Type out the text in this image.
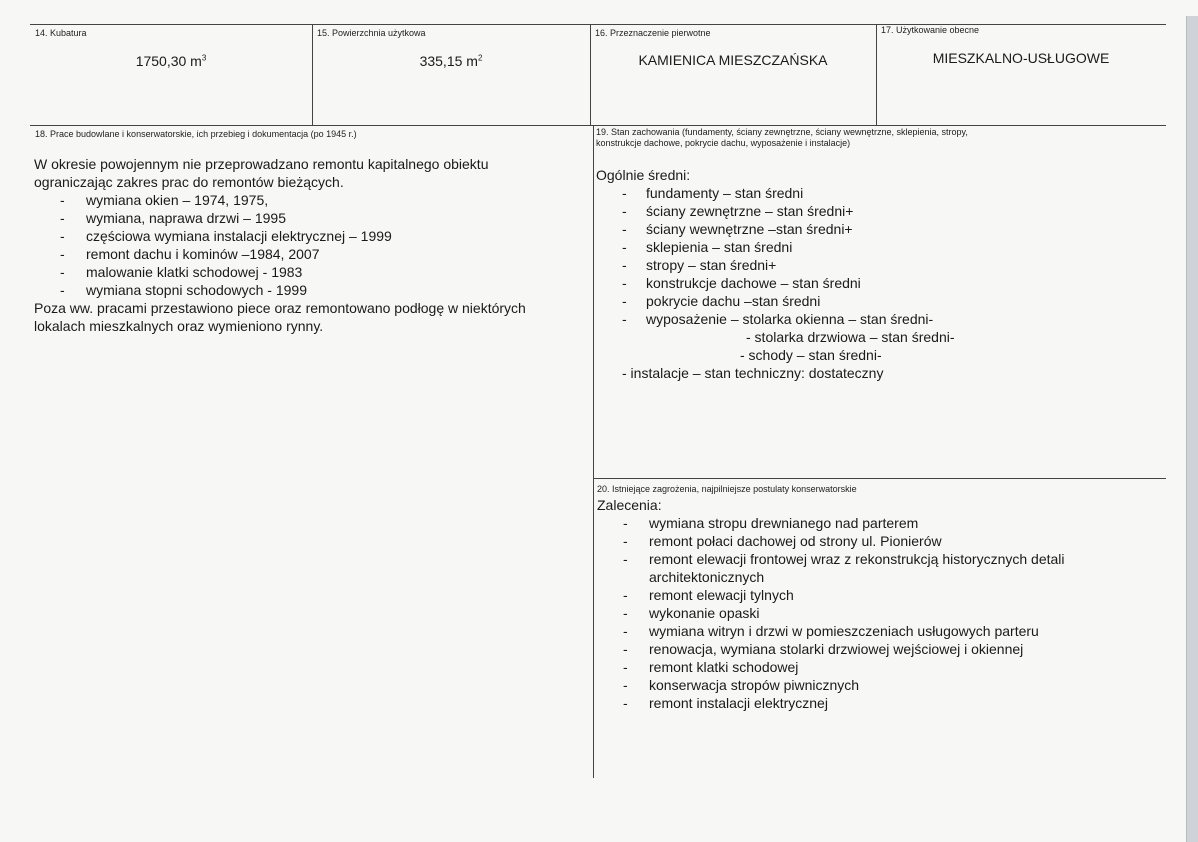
14. Kubatura
1750,30 $m^3$
15. Powierzchnia użytkowa
335,15 $m^2$
16. Przeznaczenie pierwotne
KAMIENICA MIESZCZAŃSKA
17. Użytkowanie obecne
MIESZKALNO-USŁUGOWE
18. Prace budowlane i konserwatorskie, ich przebieg i dokumentacja (po 1945 r.)
W okresie powojennym nie przeprowadzano remontu kapitalnego obiektu
ograniczając zakres prac do remontów bieżących.
- wymiana okien – 1974, 1975,
- wymiana, naprawa drzwi – 1995
- częściowa wymiana instalacji elektrycznej – 1999
- remont dachu i kominów –1984, 2007
- malowanie klatki schodowej - 1983
- wymiana stopni schodowych - 1999
Poza ww. pracami przestawiono piece oraz remontowano podłogę w niektórych
lokalach mieszkalnych oraz wymieniono rynny.
19. Stan zachowania (fundamenty, ściany zewnętrzne, ściany wewnętrzne, sklepienia, stropy,
konstrukcje dachowe, pokrycie dachu, wyposażenie i instalacje)
Ogólnie średni:
- fundamenty – stan średni
- ściany zewnętrzne – stan średni+
- ściany wewnętrzne –stan średni+
- sklepienia – stan średni
- stropy – stan średni+
- konstrukcje dachowe – stan średni
- pokrycie dachu –stan średni
- wyposażenie – stolarka okienna – stan średni-
- stolarka drzwiowa – stan średni-
- schody – stan średni-
- instalacje – stan techniczny: dostateczny
20. Istniejące zagrożenia, najpilniejsze postulaty konserwatorskie
Zalecenia:
- wymiana stropu drewnianego nad parterem
- remont połaci dachowej od strony ul. Pionierów
- remont elewacji frontowej wraz z rekonstrukcją historycznych detali
architektonicznych
- remont elewacji tylnych
- wykonanie opaski
- wymiana witryn i drzwi w pomieszczeniach usługowych parteru
- renowacja, wymiana stolarki drzwiowej wejściowej i okiennej
- remont klatki schodowej
- konserwacja stropów piwnicznych
- remont instalacji elektrycznej
